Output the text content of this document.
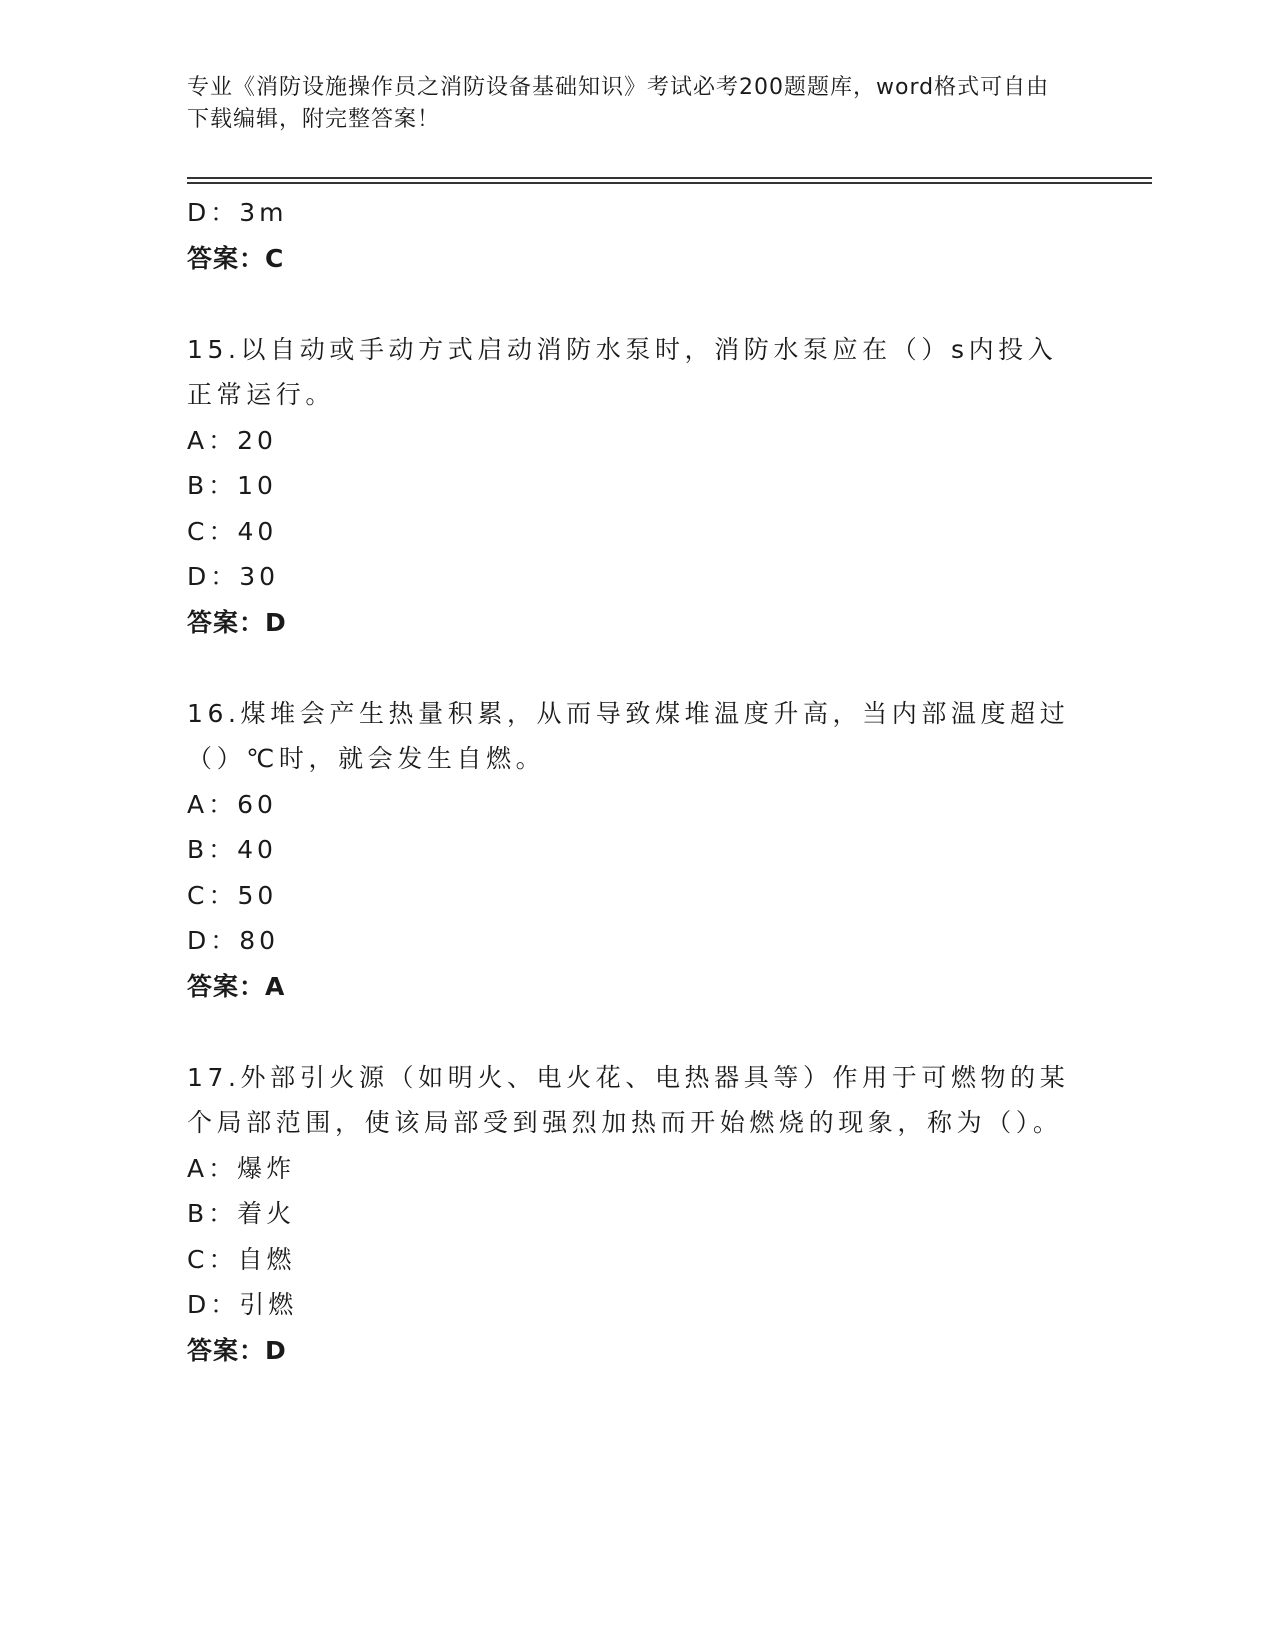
专业《消防设施操作员之消防设备基础知识》考试必考200题题库，word格式可自由下载编辑，附完整答案！
D：3m
答案：C
15.以自动或手动方式启动消防水泵时，消防水泵应在（）s内投入正常运行。
A：20
B：10
C：40
D：30
答案：D
16.煤堆会产生热量积累，从而导致煤堆温度升高，当内部温度超过（）℃时，就会发生自燃。
A：60
B：40
C：50
D：80
答案：A
17.外部引火源（如明火、电火花、电热器具等）作用于可燃物的某个局部范围，使该局部受到强烈加热而开始燃烧的现象，称为（）。
A：爆炸
B：着火
C：自燃
D：引燃
答案：D
